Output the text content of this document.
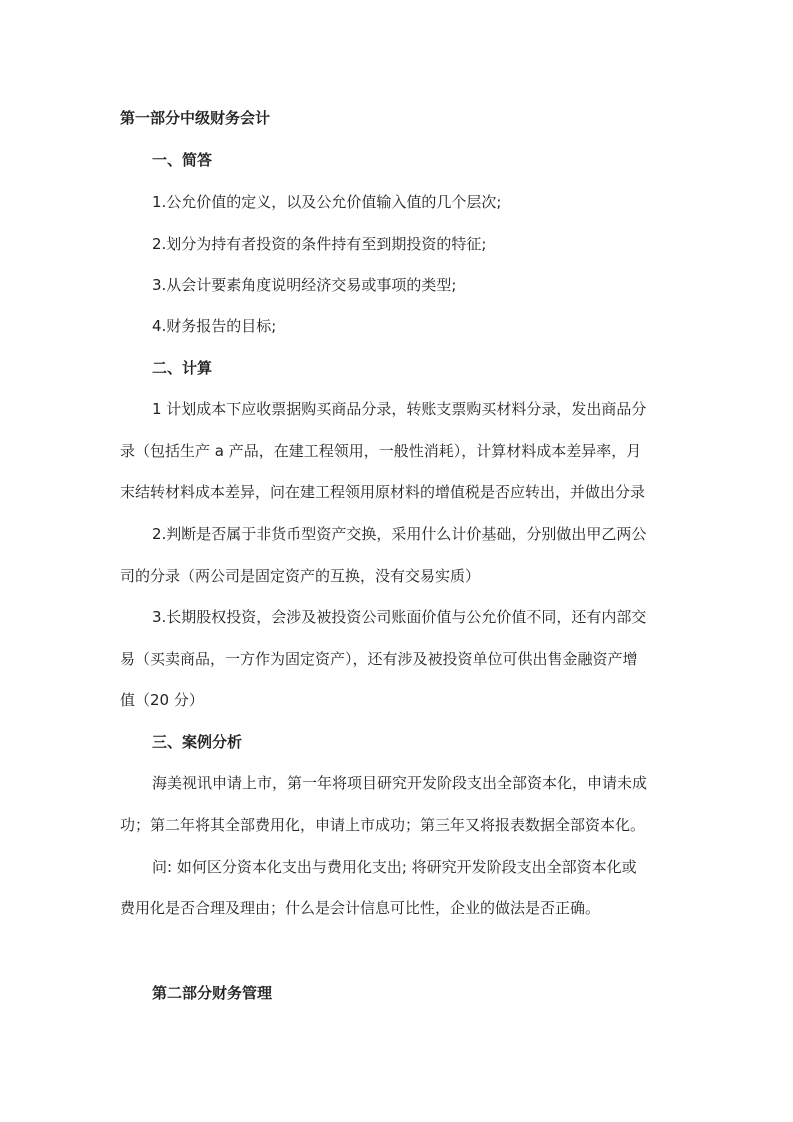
第一部分中级财务会计
一、简答
1.公允价值的定义，以及公允价值输入值的几个层次;
2.划分为持有者投资的条件持有至到期投资的特征;
3.从会计要素角度说明经济交易或事项的类型;
4.财务报告的目标;
二、计算
1 计划成本下应收票据购买商品分录，转账支票购买材料分录，发出商品分
录（包括生产 a 产品，在建工程领用，一般性消耗），计算材料成本差异率，月
末结转材料成本差异，问在建工程领用原材料的增值税是否应转出，并做出分录
2.判断是否属于非货币型资产交换，采用什么计价基础，分别做出甲乙两公
司的分录（两公司是固定资产的互换，没有交易实质）
3.长期股权投资，会涉及被投资公司账面价值与公允价值不同，还有内部交
易（买卖商品，一方作为固定资产），还有涉及被投资单位可供出售金融资产增
值（20 分）
三、案例分析
海美视讯申请上市，第一年将项目研究开发阶段支出全部资本化，申请未成
功；第二年将其全部费用化，申请上市成功；第三年又将报表数据全部资本化。
问: 如何区分资本化支出与费用化支出; 将研究开发阶段支出全部资本化或
费用化是否合理及理由；什么是会计信息可比性，企业的做法是否正确。
第二部分财务管理
